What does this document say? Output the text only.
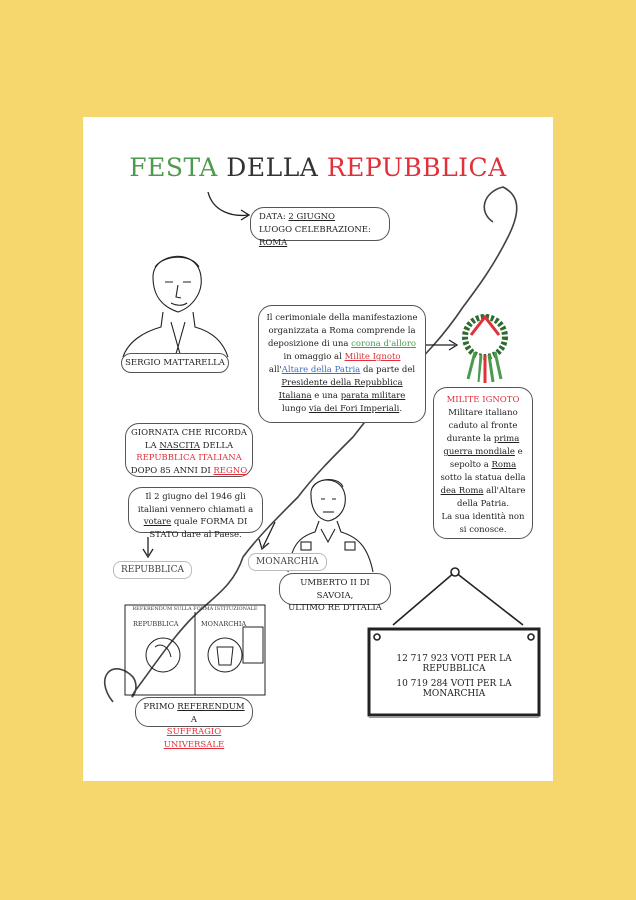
FESTA DELLA REPUBBLICA
DATA: 2 GIUGNO
LUOGO CELEBRAZIONE: ROMA
Il cerimoniale della manifestazione organizzata a Roma comprende la deposizione di una corona d'alloro in omaggio al Milite Ignoto all'Altare della Patria da parte del Presidente della Repubblica Italiana e una parata militare lungo via dei Fori Imperiali.
SERGIO MATTARELLA
MILITE IGNOTO
Militare italiano caduto al fronte durante la prima guerra mondiale e sepolto a Roma sotto la statua della dea Roma all'Altare della Patria.
La sua identità non si conosce.
GIORNATA CHE RICORDA LA NASCITA DELLA
REPUBBLICA ITALIANA
DOPO 85 ANNI DI REGNO
Il 2 giugno del 1946 gli italiani vennero chiamati a votare quale FORMA DI STATO dare al Paese.
REPUBBLICA
MONARCHIA
UMBERTO II DI SAVOIA,
ULTIMO RE D'ITALIA
REFERENDUM SULLA FORMA ISTITUZIONALE
REPUBBLICA	MONARCHIA
PRIMO REFERENDUM A
SUFFRAGIO UNIVERSALE
12 717 923 VOTI PER LA REPUBBLICA
10 719 284 VOTI PER LA MONARCHIA
